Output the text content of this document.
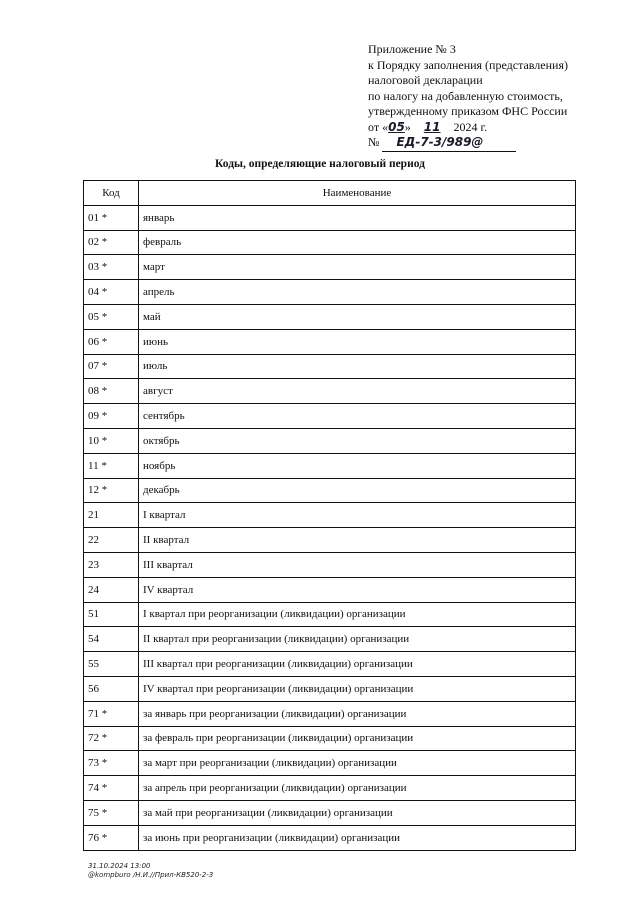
Приложение № 3
к Порядку заполнения (представления)
налоговой декларации
по налогу на добавленную стоимость,
утвержденному приказом ФНС России
от «05» 11 2024 г.
№ ЕД-7-3/989@
Коды, определяющие налоговый период
Код	Наименование
01 *	январь
02 *	февраль
03 *	март
04 *	апрель
05 *	май
06 *	июнь
07 *	июль
08 *	август
09 *	сентябрь
10 *	октябрь
11 *	ноябрь
12 *	декабрь
21	I квартал
22	II квартал
23	III квартал
24	IV квартал
51	I квартал при реорганизации (ликвидации) организации
54	II квартал при реорганизации (ликвидации) организации
55	III квартал при реорганизации (ликвидации) организации
56	IV квартал при реорганизации (ликвидации) организации
71 *	за январь при реорганизации (ликвидации) организации
72 *	за февраль при реорганизации (ликвидации) организации
73 *	за март при реорганизации (ликвидации) организации
74 *	за апрель при реорганизации (ликвидации) организации
75 *	за май при реорганизации (ликвидации) организации
76 *	за июнь при реорганизации (ликвидации) организации
31.10.2024 13:00
@kompburo /Н.И.//Прил-КВ520-2-3
